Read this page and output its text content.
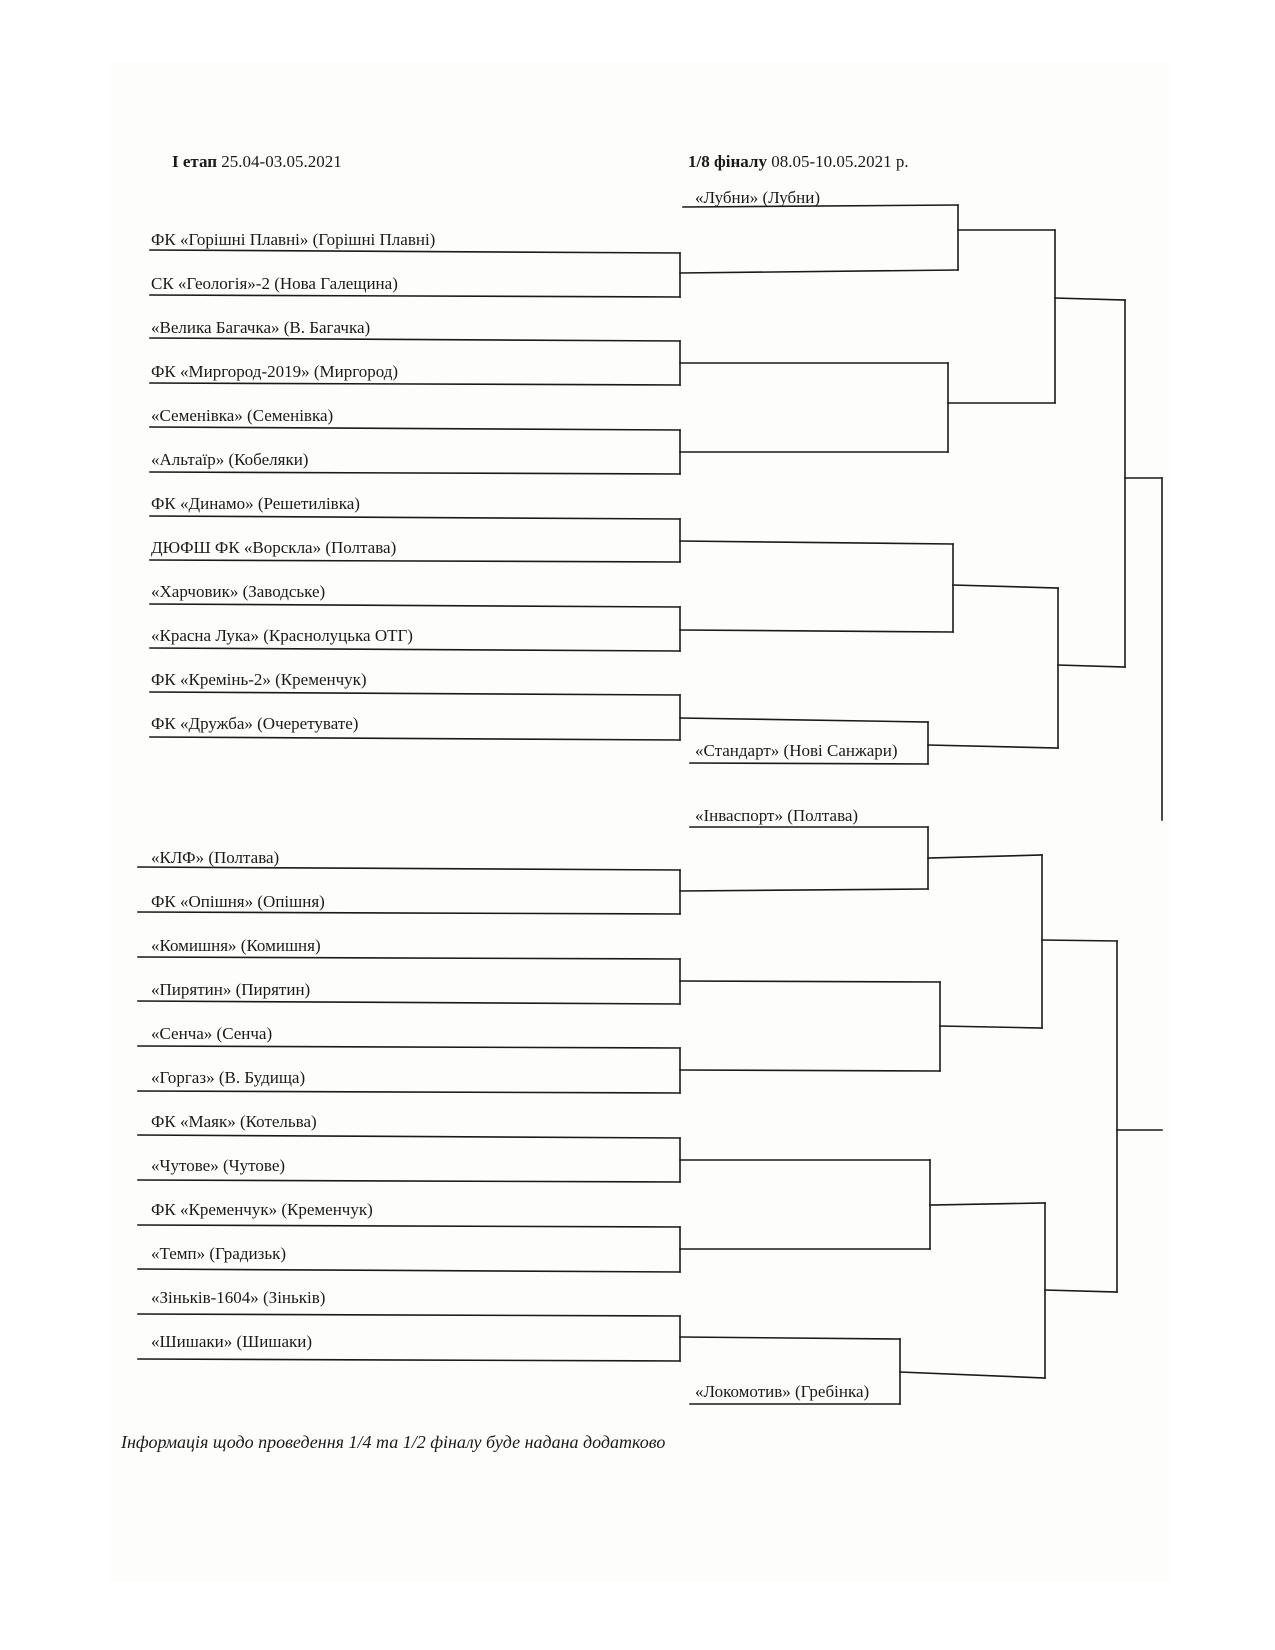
І етап 25.04-03.05.2021	1/8 фіналу 08.05-10.05.2021 р.
«Лубни» (Лубни)
ФК «Горішні Плавні» (Горішні Плавні)
СК «Геологія»-2 (Нова Галещина)
«Велика Багачка» (В. Багачка)
ФК «Миргород-2019» (Миргород)
«Семенівка» (Семенівка)
«Альтаїр» (Кобеляки)
ФК «Динамо» (Решетилівка)
ДЮФШ ФК «Ворскла» (Полтава)
«Харчовик» (Заводське)
«Красна Лука» (Краснолуцька ОТГ)
ФК «Кремінь-2» (Кременчук)
ФК «Дружба» (Очеретувате)
«Стандарт» (Нові Санжари)
«Інваспорт» (Полтава)
«КЛФ» (Полтава)
ФК «Опішня» (Опішня)
«Комишня» (Комишня)
«Пирятин» (Пирятин)
«Сенча» (Сенча)
«Горгаз» (В. Будища)
ФК «Маяк» (Котельва)
«Чутове» (Чутове)
ФК «Кременчук» (Кременчук)
«Темп» (Градизьк)
«Зіньків-1604» (Зіньків)
«Шишаки» (Шишаки)
«Локомотив» (Гребінка)
Інформація щодо проведення 1/4 та 1/2 фіналу буде надана додатково
